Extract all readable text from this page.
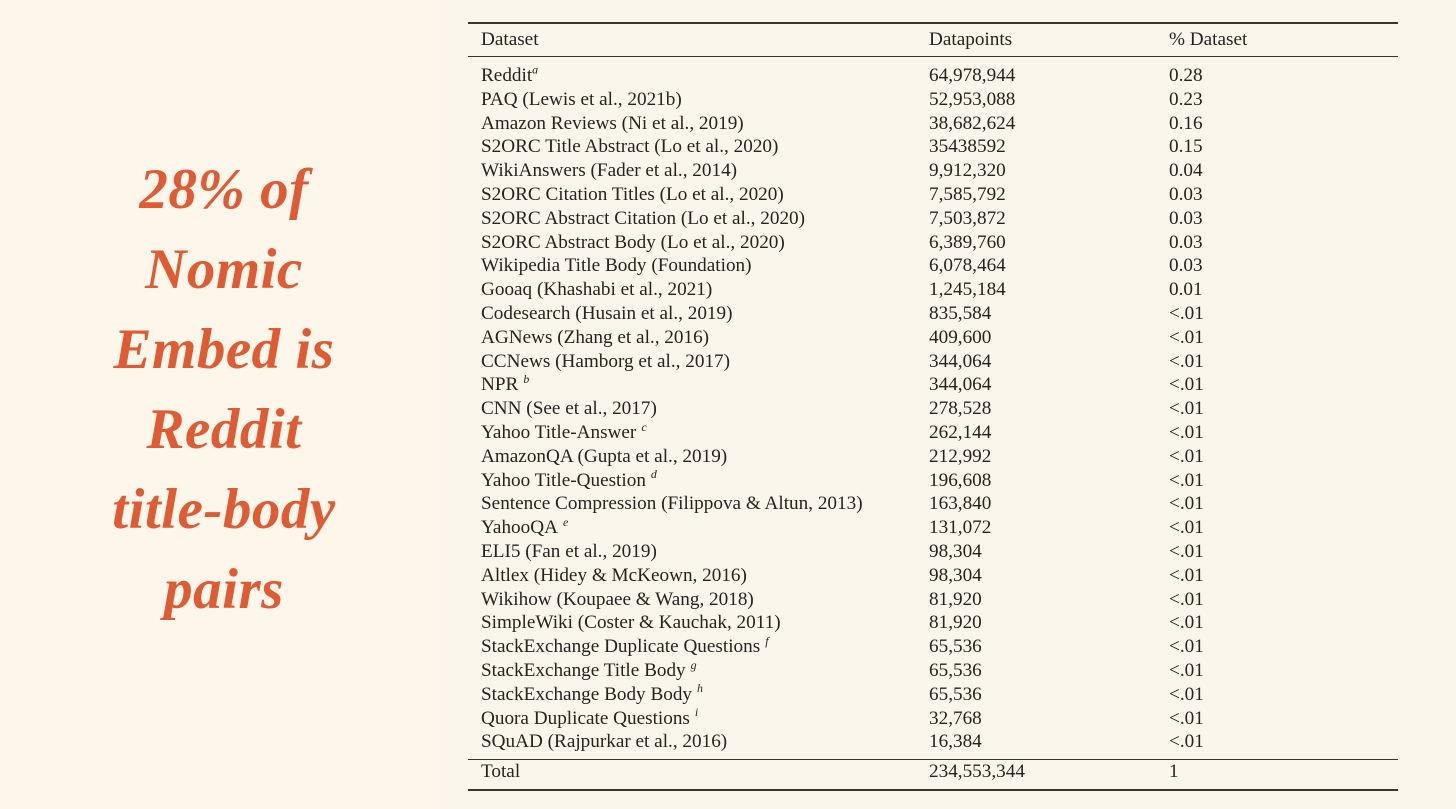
28% of
Nomic
Embed is
Reddit
title-body
pairs

Dataset	Datapoints	% Dataset

Reddit$^a$	64,978,944	0.28
PAQ (Lewis et al., 2021b)	52,953,088	0.23
Amazon Reviews (Ni et al., 2019)	38,682,624	0.16
S2ORC Title Abstract (Lo et al., 2020)	35438592	0.15
WikiAnswers (Fader et al., 2014)	9,912,320	0.04
S2ORC Citation Titles (Lo et al., 2020)	7,585,792	0.03
S2ORC Abstract Citation (Lo et al., 2020)	7,503,872	0.03
S2ORC Abstract Body (Lo et al., 2020)	6,389,760	0.03
Wikipedia Title Body (Foundation)	6,078,464	0.03
Gooaq (Khashabi et al., 2021)	1,245,184	0.01
Codesearch (Husain et al., 2019)	835,584	<.01
AGNews (Zhang et al., 2016)	409,600	<.01
CCNews (Hamborg et al., 2017)	344,064	<.01
NPR $^b$	344,064	<.01
CNN (See et al., 2017)	278,528	<.01
Yahoo Title-Answer $^c$	262,144	<.01
AmazonQA (Gupta et al., 2019)	212,992	<.01
Yahoo Title-Question $^d$	196,608	<.01
Sentence Compression (Filippova & Altun, 2013)	163,840	<.01
YahooQA $^e$	131,072	<.01
ELI5 (Fan et al., 2019)	98,304	<.01
Altlex (Hidey & McKeown, 2016)	98,304	<.01
Wikihow (Koupaee & Wang, 2018)	81,920	<.01
SimpleWiki (Coster & Kauchak, 2011)	81,920	<.01
StackExchange Duplicate Questions $^f$	65,536	<.01
StackExchange Title Body $^g$	65,536	<.01
StackExchange Body Body $^h$	65,536	<.01
Quora Duplicate Questions $^i$	32,768	<.01
SQuAD (Rajpurkar et al., 2016)	16,384	<.01

Total	234,553,344	1
